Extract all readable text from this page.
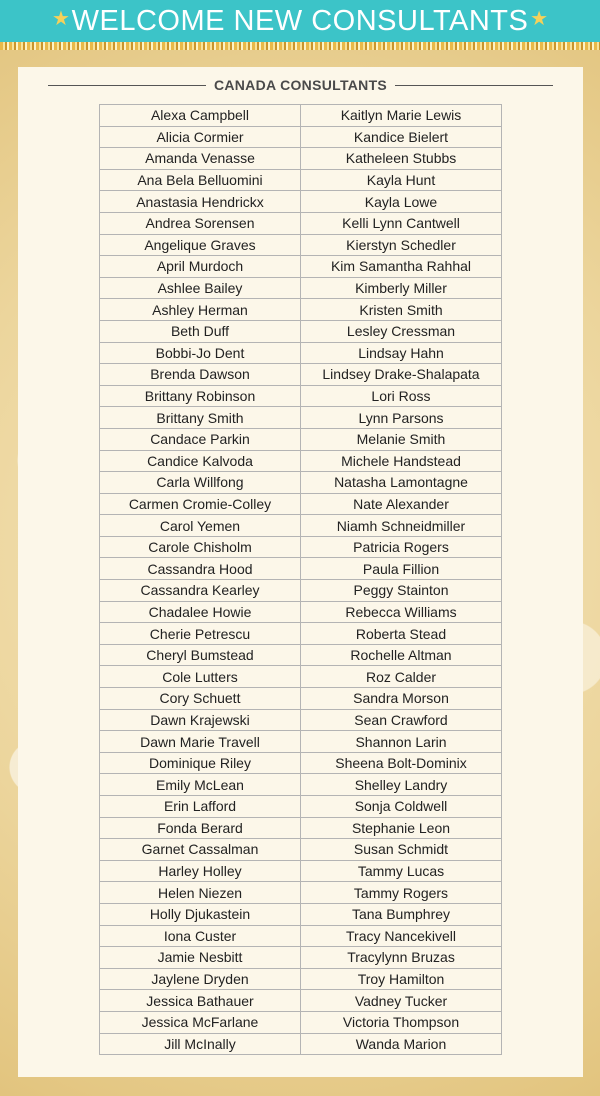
★ WELCOME NEW CONSULTANTS ★
CANADA CONSULTANTS
Alexa Campbell	Kaitlyn Marie Lewis
Alicia Cormier	Kandice Bielert
Amanda Venasse	Katheleen Stubbs
Ana Bela Belluomini	Kayla Hunt
Anastasia Hendrickx	Kayla Lowe
Andrea Sorensen	Kelli Lynn Cantwell
Angelique Graves	Kierstyn Schedler
April Murdoch	Kim Samantha Rahhal
Ashlee Bailey	Kimberly Miller
Ashley Herman	Kristen Smith
Beth Duff	Lesley Cressman
Bobbi-Jo Dent	Lindsay Hahn
Brenda Dawson	Lindsey Drake-Shalapata
Brittany Robinson	Lori Ross
Brittany Smith	Lynn Parsons
Candace Parkin	Melanie Smith
Candice Kalvoda	Michele Handstead
Carla Willfong	Natasha Lamontagne
Carmen Cromie-Colley	Nate Alexander
Carol Yemen	Niamh Schneidmiller
Carole Chisholm	Patricia Rogers
Cassandra Hood	Paula Fillion
Cassandra Kearley	Peggy Stainton
Chadalee Howie	Rebecca Williams
Cherie Petrescu	Roberta Stead
Cheryl Bumstead	Rochelle Altman
Cole Lutters	Roz Calder
Cory Schuett	Sandra Morson
Dawn Krajewski	Sean Crawford
Dawn Marie Travell	Shannon Larin
Dominique Riley	Sheena Bolt-Dominix
Emily McLean	Shelley Landry
Erin Lafford	Sonja Coldwell
Fonda Berard	Stephanie Leon
Garnet Cassalman	Susan Schmidt
Harley Holley	Tammy Lucas
Helen Niezen	Tammy Rogers
Holly Djukastein	Tana Bumphrey
Iona Custer	Tracy Nancekivell
Jamie Nesbitt	Tracylynn Bruzas
Jaylene Dryden	Troy Hamilton
Jessica Bathauer	Vadney Tucker
Jessica McFarlane	Victoria Thompson
Jill McInally	Wanda Marion
